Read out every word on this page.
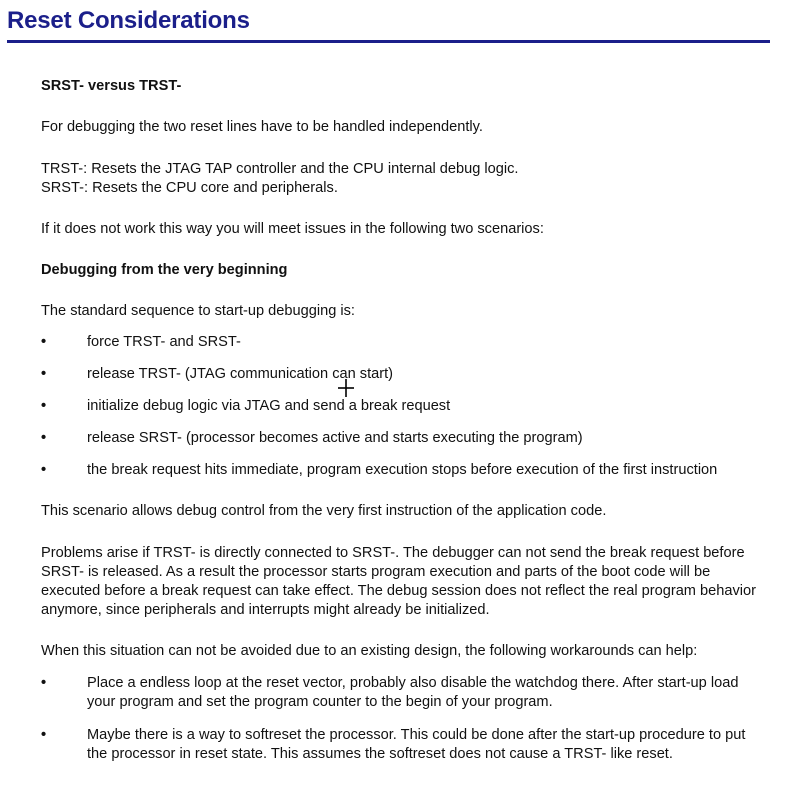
Reset Considerations

SRST- versus TRST-

For debugging the two reset lines have to be handled independently.

TRST-: Resets the JTAG TAP controller and the CPU internal debug logic.

SRST-: Resets the CPU core and peripherals.

If it does not work this way you will meet issues in the following two scenarios:

Debugging from the very beginning

The standard sequence to start-up debugging is:

•	force TRST- and SRST-
•	release TRST- (JTAG communication can start)
•	initialize debug logic via JTAG and send a break request
•	release SRST- (processor becomes active and starts executing the program)
•	the break request hits immediate, program execution stops before execution of the first instruction

This scenario allows debug control from the very first instruction of the application code.

Problems arise if TRST- is directly connected to SRST-. The debugger can not send the break request before SRST- is released. As a result the processor starts program execution and parts of the boot code will be executed before a break request can take effect. The debug session does not reflect the real program behavior anymore, since peripherals and interrupts might already be initialized.

When this situation can not be avoided due to an existing design, the following workarounds can help:

•	Place a endless loop at the reset vector, probably also disable the watchdog there. After start-up load your program and set the program counter to the begin of your program.
•	Maybe there is a way to softreset the processor. This could be done after the start-up procedure to put the processor in reset state. This assumes the softreset does not cause a TRST- like reset.
